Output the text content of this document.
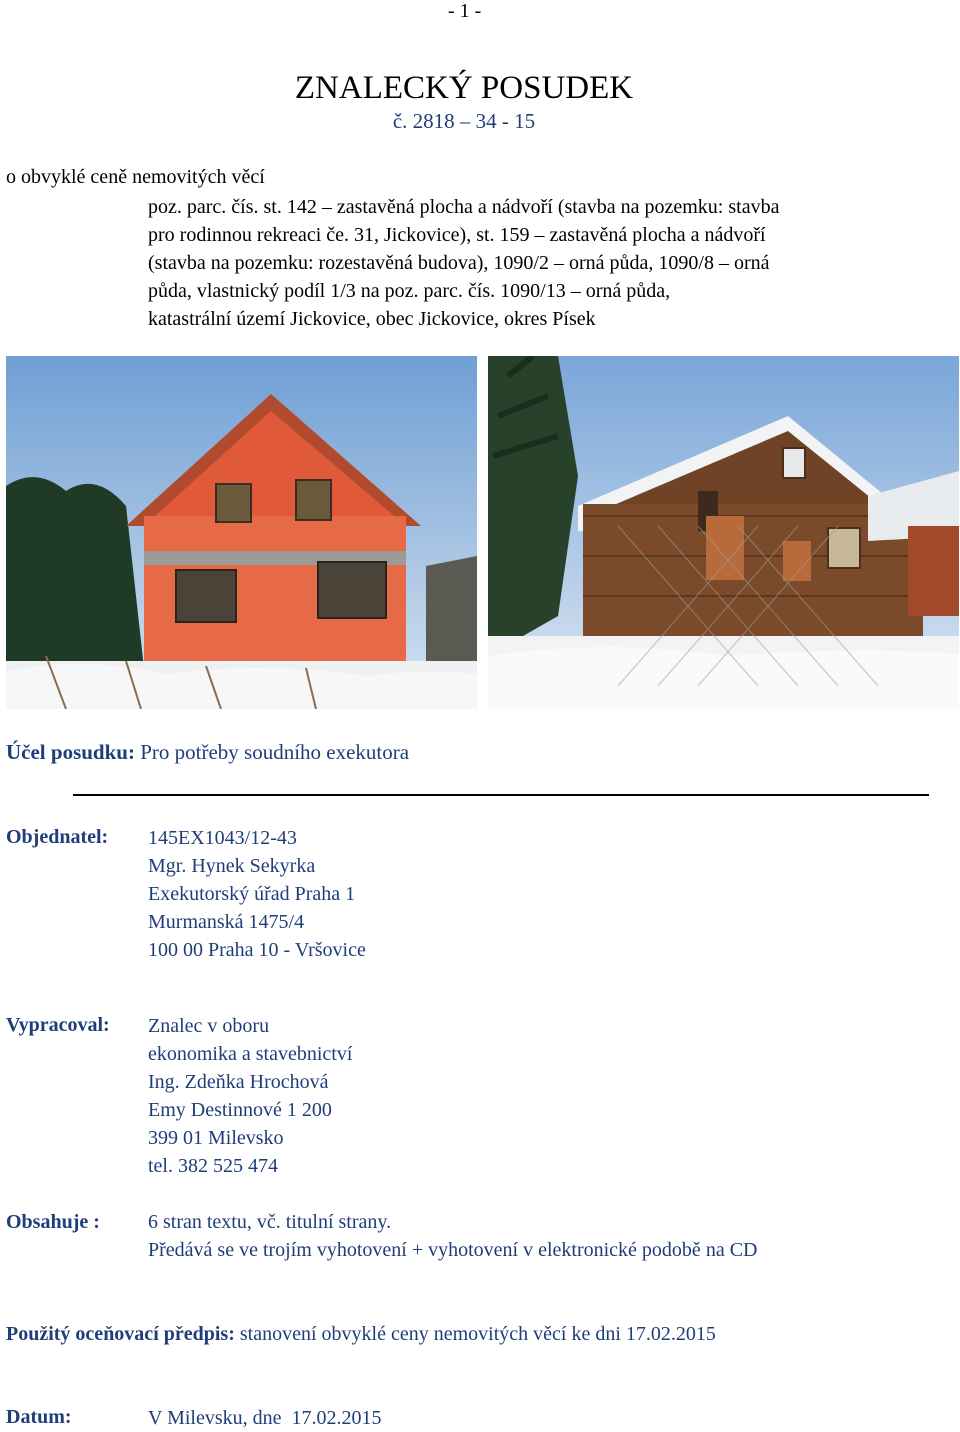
- 1 -
ZNALECKÝ POSUDEK
č. 2818 – 34 - 15
o obvyklé ceně nemovitých věcí
poz. parc. čís. st. 142 – zastavěná plocha a nádvoří (stavba na pozemku: stavba
pro rodinnou rekreaci če. 31, Jickovice), st. 159 – zastavěná plocha a nádvoří
(stavba na pozemku: rozestavěná budova), 1090/2 – orná půda, 1090/8 – orná
půda, vlastnický podíl 1/3 na poz. parc. čís. 1090/13 – orná půda,
katastrální území Jickovice, obec Jickovice, okres Písek
Účel posudku: Pro potřeby soudního exekutora
Objednatel: 145EX1043/12-43
Mgr. Hynek Sekyrka
Exekutorský úřad Praha 1
Murmanská 1475/4
100 00 Praha 10 - Vršovice
Vypracoval: Znalec v oboru
ekonomika a stavebnictví
Ing. Zdeňka Hrochová
Emy Destinnové 1 200
399 01 Milevsko
tel. 382 525 474
Obsahuje : 6 stran textu, vč. titulní strany.
Předává se ve trojím vyhotovení + vyhotovení v elektronické podobě na CD
Použitý oceňovací předpis: stanovení obvyklé ceny nemovitých věcí ke dni 17.02.2015
Datum:	V Milevsku, dne  17.02.2015
